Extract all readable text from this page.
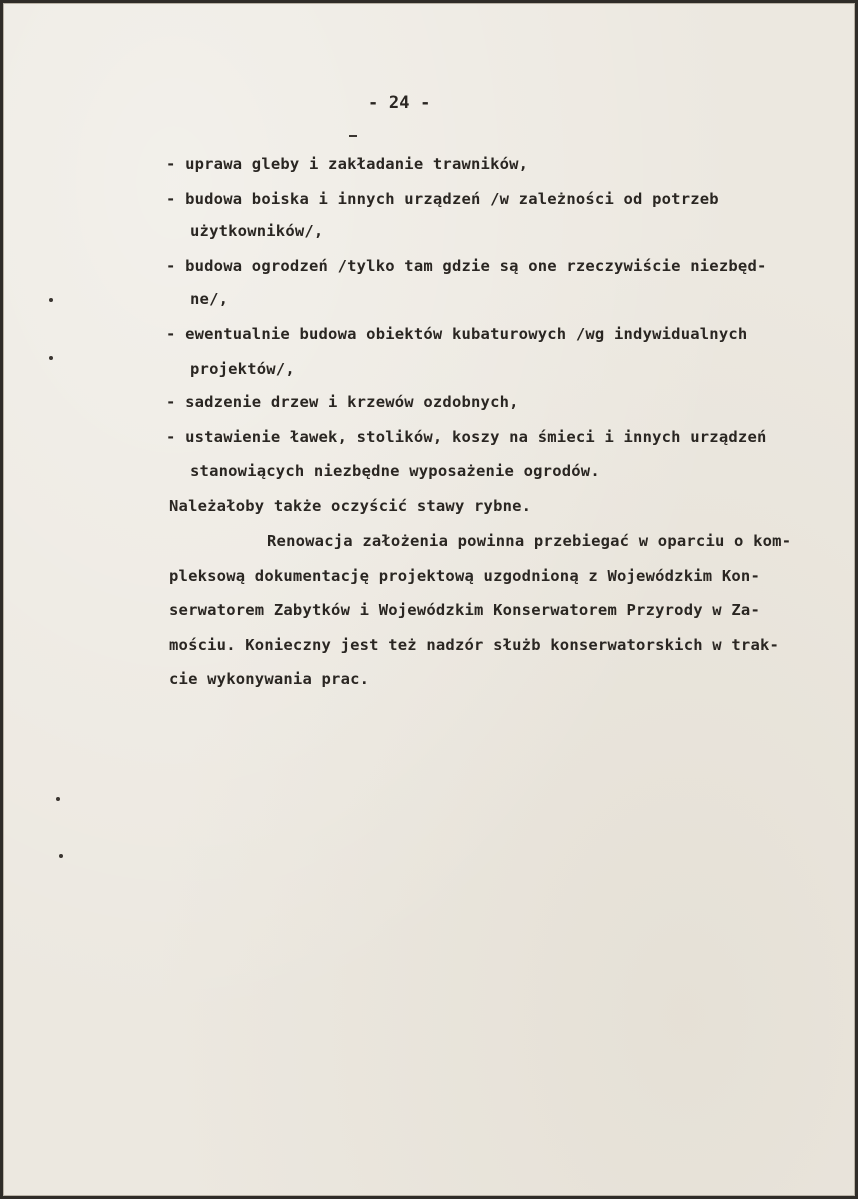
- 24 -
- uprawa gleby i zakładanie trawników,
- budowa boiska i innych urządzeń /w zależności od potrzeb
użytkowników/,
- budowa ogrodzeń /tylko tam gdzie są one rzeczywiście niezbęd-
ne/,
- ewentualnie budowa obiektów kubaturowych /wg indywidualnych
projektów/,
- sadzenie drzew i krzewów ozdobnych,
- ustawienie ławek, stolików, koszy na śmieci i innych urządzeń
stanowiących niezbędne wyposażenie ogrodów.
Należałoby także oczyścić stawy rybne.
Renowacja założenia powinna przebiegać w oparciu o kom-
pleksową dokumentację projektową uzgodnioną z Wojewódzkim Kon-
serwatorem Zabytków i Wojewódzkim Konserwatorem Przyrody w Za-
mościu. Konieczny jest też nadzór służb konserwatorskich w trak-
cie wykonywania prac.
